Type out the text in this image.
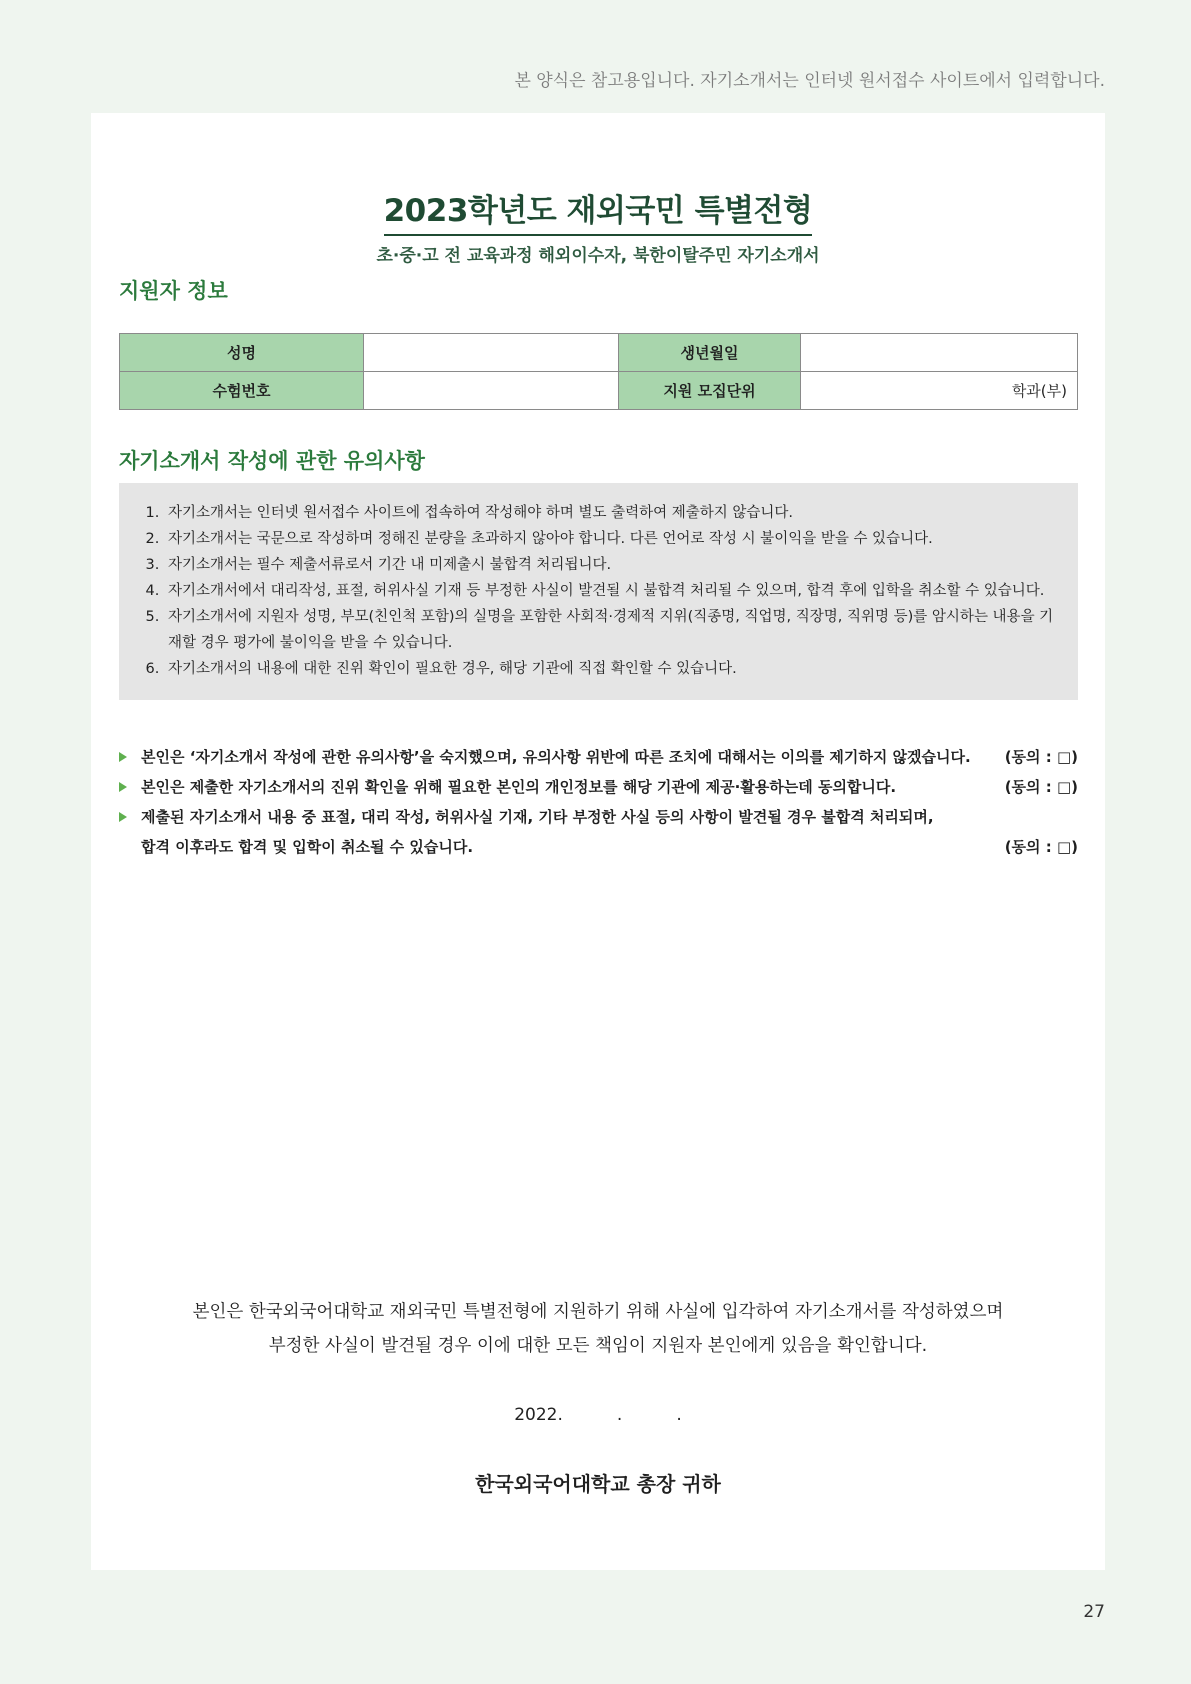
본 양식은 참고용입니다. 자기소개서는 인터넷 원서접수 사이트에서 입력합니다.
2023학년도 재외국민 특별전형
초·중·고 전 교육과정 해외이수자, 북한이탈주민 자기소개서
지원자 정보
성명		생년월일	
수험번호		지원 모집단위	학과(부)
자기소개서 작성에 관한 유의사항
1. 자기소개서는 인터넷 원서접수 사이트에 접속하여 작성해야 하며 별도 출력하여 제출하지 않습니다.
2. 자기소개서는 국문으로 작성하며 정해진 분량을 초과하지 않아야 합니다. 다른 언어로 작성 시 불이익을 받을 수 있습니다.
3. 자기소개서는 필수 제출서류로서 기간 내 미제출시 불합격 처리됩니다.
4. 자기소개서에서 대리작성, 표절, 허위사실 기재 등 부정한 사실이 발견될 시 불합격 처리될 수 있으며, 합격 후에 입학을 취소할 수 있습니다.
5. 자기소개서에 지원자 성명, 부모(친인척 포함)의 실명을 포함한 사회적·경제적 지위(직종명, 직업명, 직장명, 직위명 등)를 암시하는 내용을 기재할 경우 평가에 불이익을 받을 수 있습니다.
6. 자기소개서의 내용에 대한 진위 확인이 필요한 경우, 해당 기관에 직접 확인할 수 있습니다.
본인은 ‘자기소개서 작성에 관한 유의사항’을 숙지했으며, 유의사항 위반에 따른 조치에 대해서는 이의를 제기하지 않겠습니다. (동의 : □)
본인은 제출한 자기소개서의 진위 확인을 위해 필요한 본인의 개인정보를 해당 기관에 제공·활용하는데 동의합니다.	(동의 : □)
제출된 자기소개서 내용 중 표절, 대리 작성, 허위사실 기재, 기타 부정한 사실 등의 사항이 발견될 경우 불합격 처리되며,
합격 이후라도 합격 및 입학이 취소될 수 있습니다.	(동의 : □)
본인은 한국외국어대학교 재외국민 특별전형에 지원하기 위해 사실에 입각하여 자기소개서를 작성하였으며
부정한 사실이 발견될 경우 이에 대한 모든 책임이 지원자 본인에게 있음을 확인합니다.
2022.          .          .
한국외국어대학교 총장 귀하
27
